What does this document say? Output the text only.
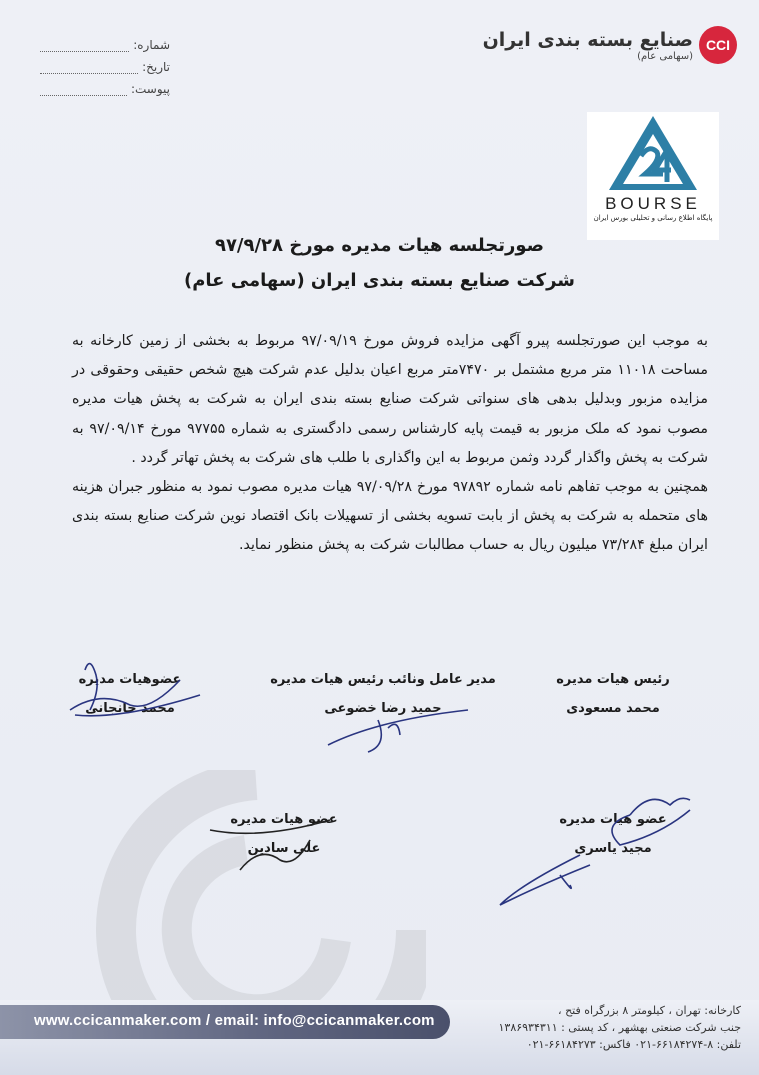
شماره:
تاریخ:
پیوست:
صنایع بسته بندی ایران
(سهامی عام)
CCI
BOURSE
پایگاه اطلاع رسانی و تحلیلی بورس ایران
صورتجلسه هیات مدیره مورخ ۹۷/۹/۲۸
شرکت صنایع بسته بندی ایران (سهامی عام)

به موجب این صورتجلسه پیرو آگهی مزایده فروش مورخ ۹۷/۰۹/۱۹ مربوط به بخشی از زمین کارخانه به مساحت ۱۱۰۱۸ متر مربع مشتمل بر ۷۴۷۰متر مربع اعیان بدلیل عدم شرکت هیچ شخص حقیقی وحقوقی در مزایده مزبور وبدلیل بدهی های سنواتی شرکت صنایع بسته بندی ایران به شرکت به پخش هیات مدیره مصوب نمود که ملک مزبور به قیمت پایه کارشناس رسمی دادگستری به شماره ۹۷۷۵۵ مورخ ۹۷/۰۹/۱۴ به شرکت به پخش واگذار گردد وثمن مربوط به این واگذاری با طلب های شرکت به پخش تهاتر گردد .

همچنین به موجب تفاهم نامه شماره ۹۷۸۹۲ مورخ ۹۷/۰۹/۲۸ هیات مدیره مصوب نمود به منظور جبران هزینه های متحمله به شرکت به پخش از بابت تسویه بخشی از تسهیلات بانک اقتصاد نوین شرکت صنایع بسته بندی ایران مبلغ ۷۳/۲۸۴ میلیون ریال به حساب مطالبات شرکت به پخش منظور نماید.

رئیس هیات مدیره
محمد مسعودی
مدیر عامل ونائب رئیس هیات مدیره
حمید رضا خضوعی
عضوهیات مدیره
محمد خانجانی
عضو هیات مدیره
مجید یاسری
عضو هیات مدیره
علی سادین
www.ccicanmaker.com / email: info@ccicanmaker.com
کارخانه: تهران ، کیلومتر ۸ بزرگراه فتح ،
جنب شرکت صنعتی بهشهر ، کد پستی : ۱۳۸۶۹۳۴۳۱۱
تلفن: ۸-۶۶۱۸۴۲۷۴-۰۲۱ فاکس: ۶۶۱۸۴۲۷۳-۰۲۱
